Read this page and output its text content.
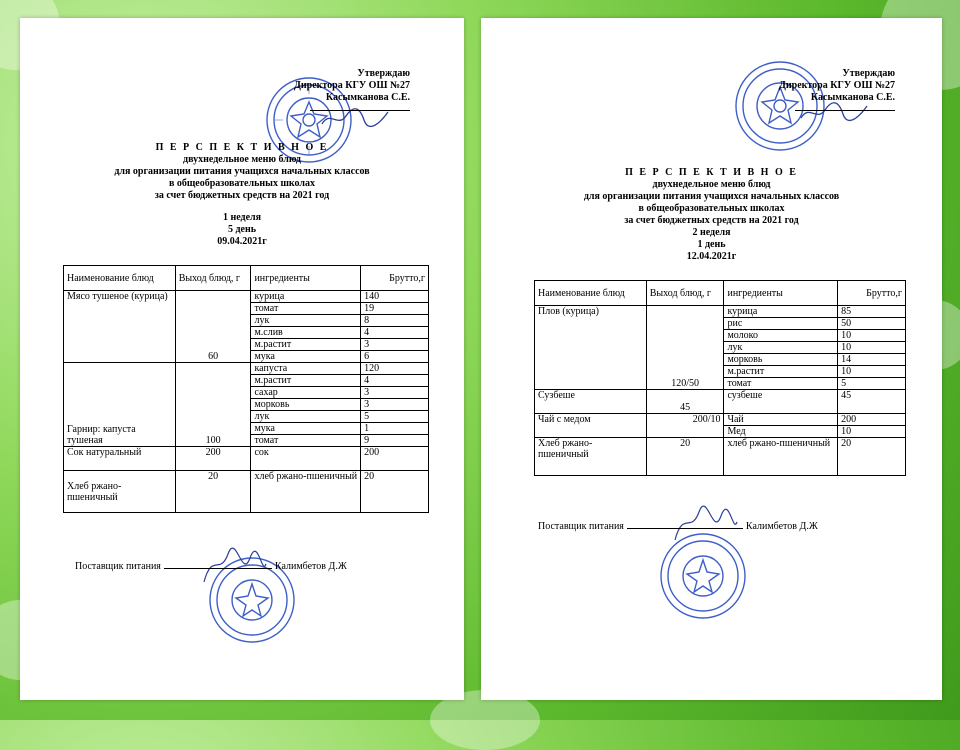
Утверждаю
Директора КГУ ОШ №27
Касымканова С.Е.
П Е Р С П Е К Т И В Н О Е
двухнедельное меню блюд
для организации питания учащихся начальных классов
в общеобразовательных школах
за счет бюджетных средств на 2021 год
1 неделя
5 день
09.04.2021г
Наименование блюд	Выход блюд, г	ингредиенты	Брутто,г
Мясо тушеное (курица)	60	курица	140
		томат	19
		лук	8
		м.слив	4
		м.растит	3
		мука	6
Гарнир: капуста тушеная	100	капуста	120
		м.растит	4
		сахар	3
		морковь	3
		лук	5
		мука	1
		томат	9
Сок натуральный	200	сок	200
Хлеб ржано-пшеничный	20	хлеб ржано-пшеничный	20
Поставщик питания	Калимбетов Д.Ж
Утверждаю
Директора КГУ ОШ №27
Касымканова С.Е.
П Е Р С П Е К Т И В Н О Е
двухнедельное меню блюд
для организации питания учащихся начальных классов
в общеобразовательных школах
за счет бюджетных средств на 2021 год
2 неделя
1 день
12.04.2021г
Наименование блюд	Выход блюд, г	ингредиенты	Брутто,г
Плов (курица)	120/50	курица	85
		рис	50
		молоко	10
		лук	10
		морковь	14
		м.растит	10
		томат	5
Сузбеше	45	сузбеше	45
Чай с медом	200/10	Чай	200
		Мед	10
Хлеб ржано-пшеничный	20	хлеб ржано-пшеничный	20
Поставщик питания	Калимбетов Д.Ж
